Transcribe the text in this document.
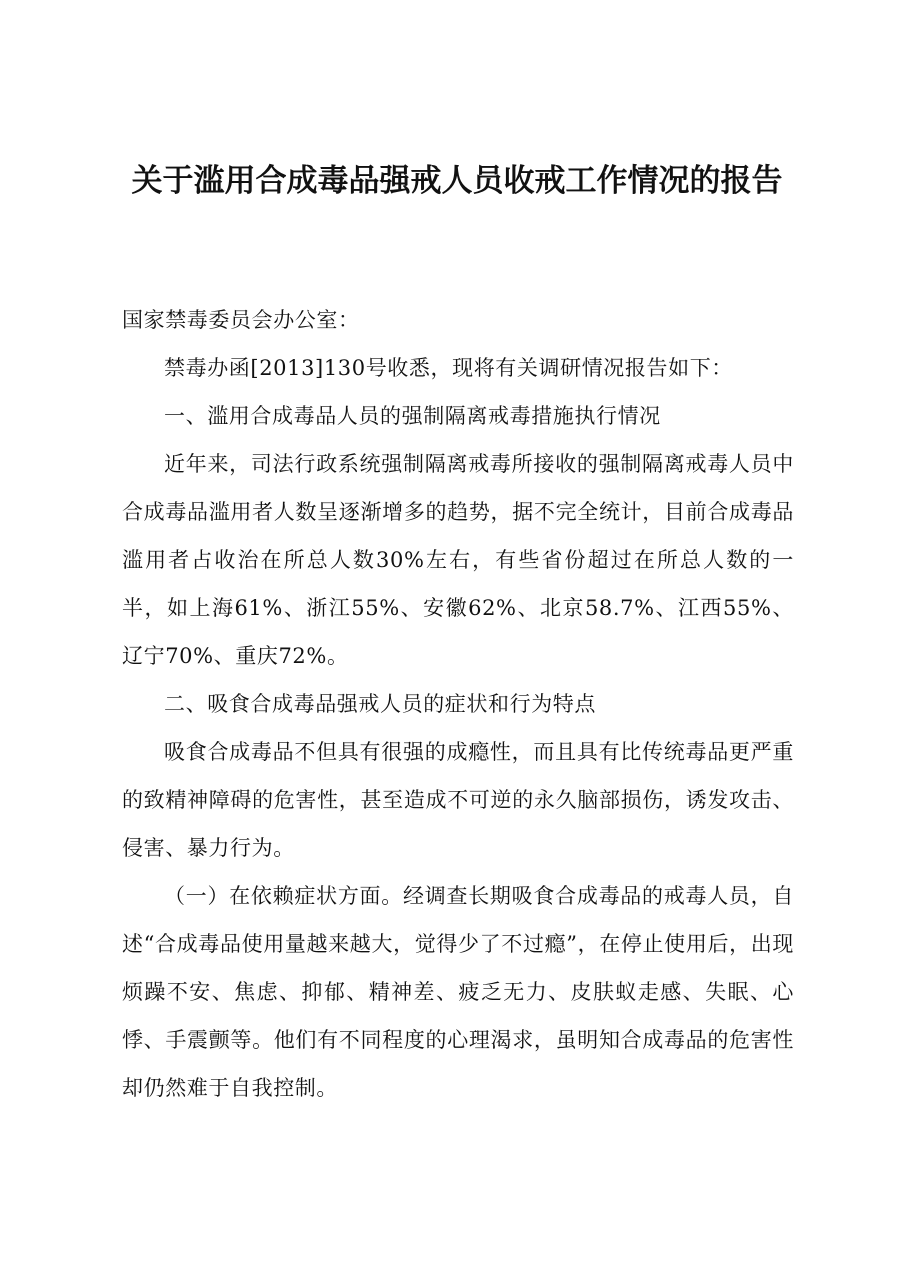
关于滥用合成毒品强戒人员收戒工作情况的报告

国家禁毒委员会办公室：

禁毒办函[2013]130号收悉，现将有关调研情况报告如下：

一、滥用合成毒品人员的强制隔离戒毒措施执行情况

近年来，司法行政系统强制隔离戒毒所接收的强制隔离戒毒人员中合成毒品滥用者人数呈逐渐增多的趋势，据不完全统计，目前合成毒品滥用者占收治在所总人数30%左右，有些省份超过在所总人数的一半，如上海61%、浙江55%、安徽62%、北京58.7%、江西55%、辽宁70%、重庆72%。

二、吸食合成毒品强戒人员的症状和行为特点

吸食合成毒品不但具有很强的成瘾性，而且具有比传统毒品更严重的致精神障碍的危害性，甚至造成不可逆的永久脑部损伤，诱发攻击、侵害、暴力行为。

（一）在依赖症状方面。经调查长期吸食合成毒品的戒毒人员，自述“合成毒品使用量越来越大，觉得少了不过瘾”，在停止使用后，出现烦躁不安、焦虑、抑郁、精神差、疲乏无力、皮肤蚁走感、失眠、心悸、手震颤等。他们有不同程度的心理渴求，虽明知合成毒品的危害性却仍然难于自我控制。
